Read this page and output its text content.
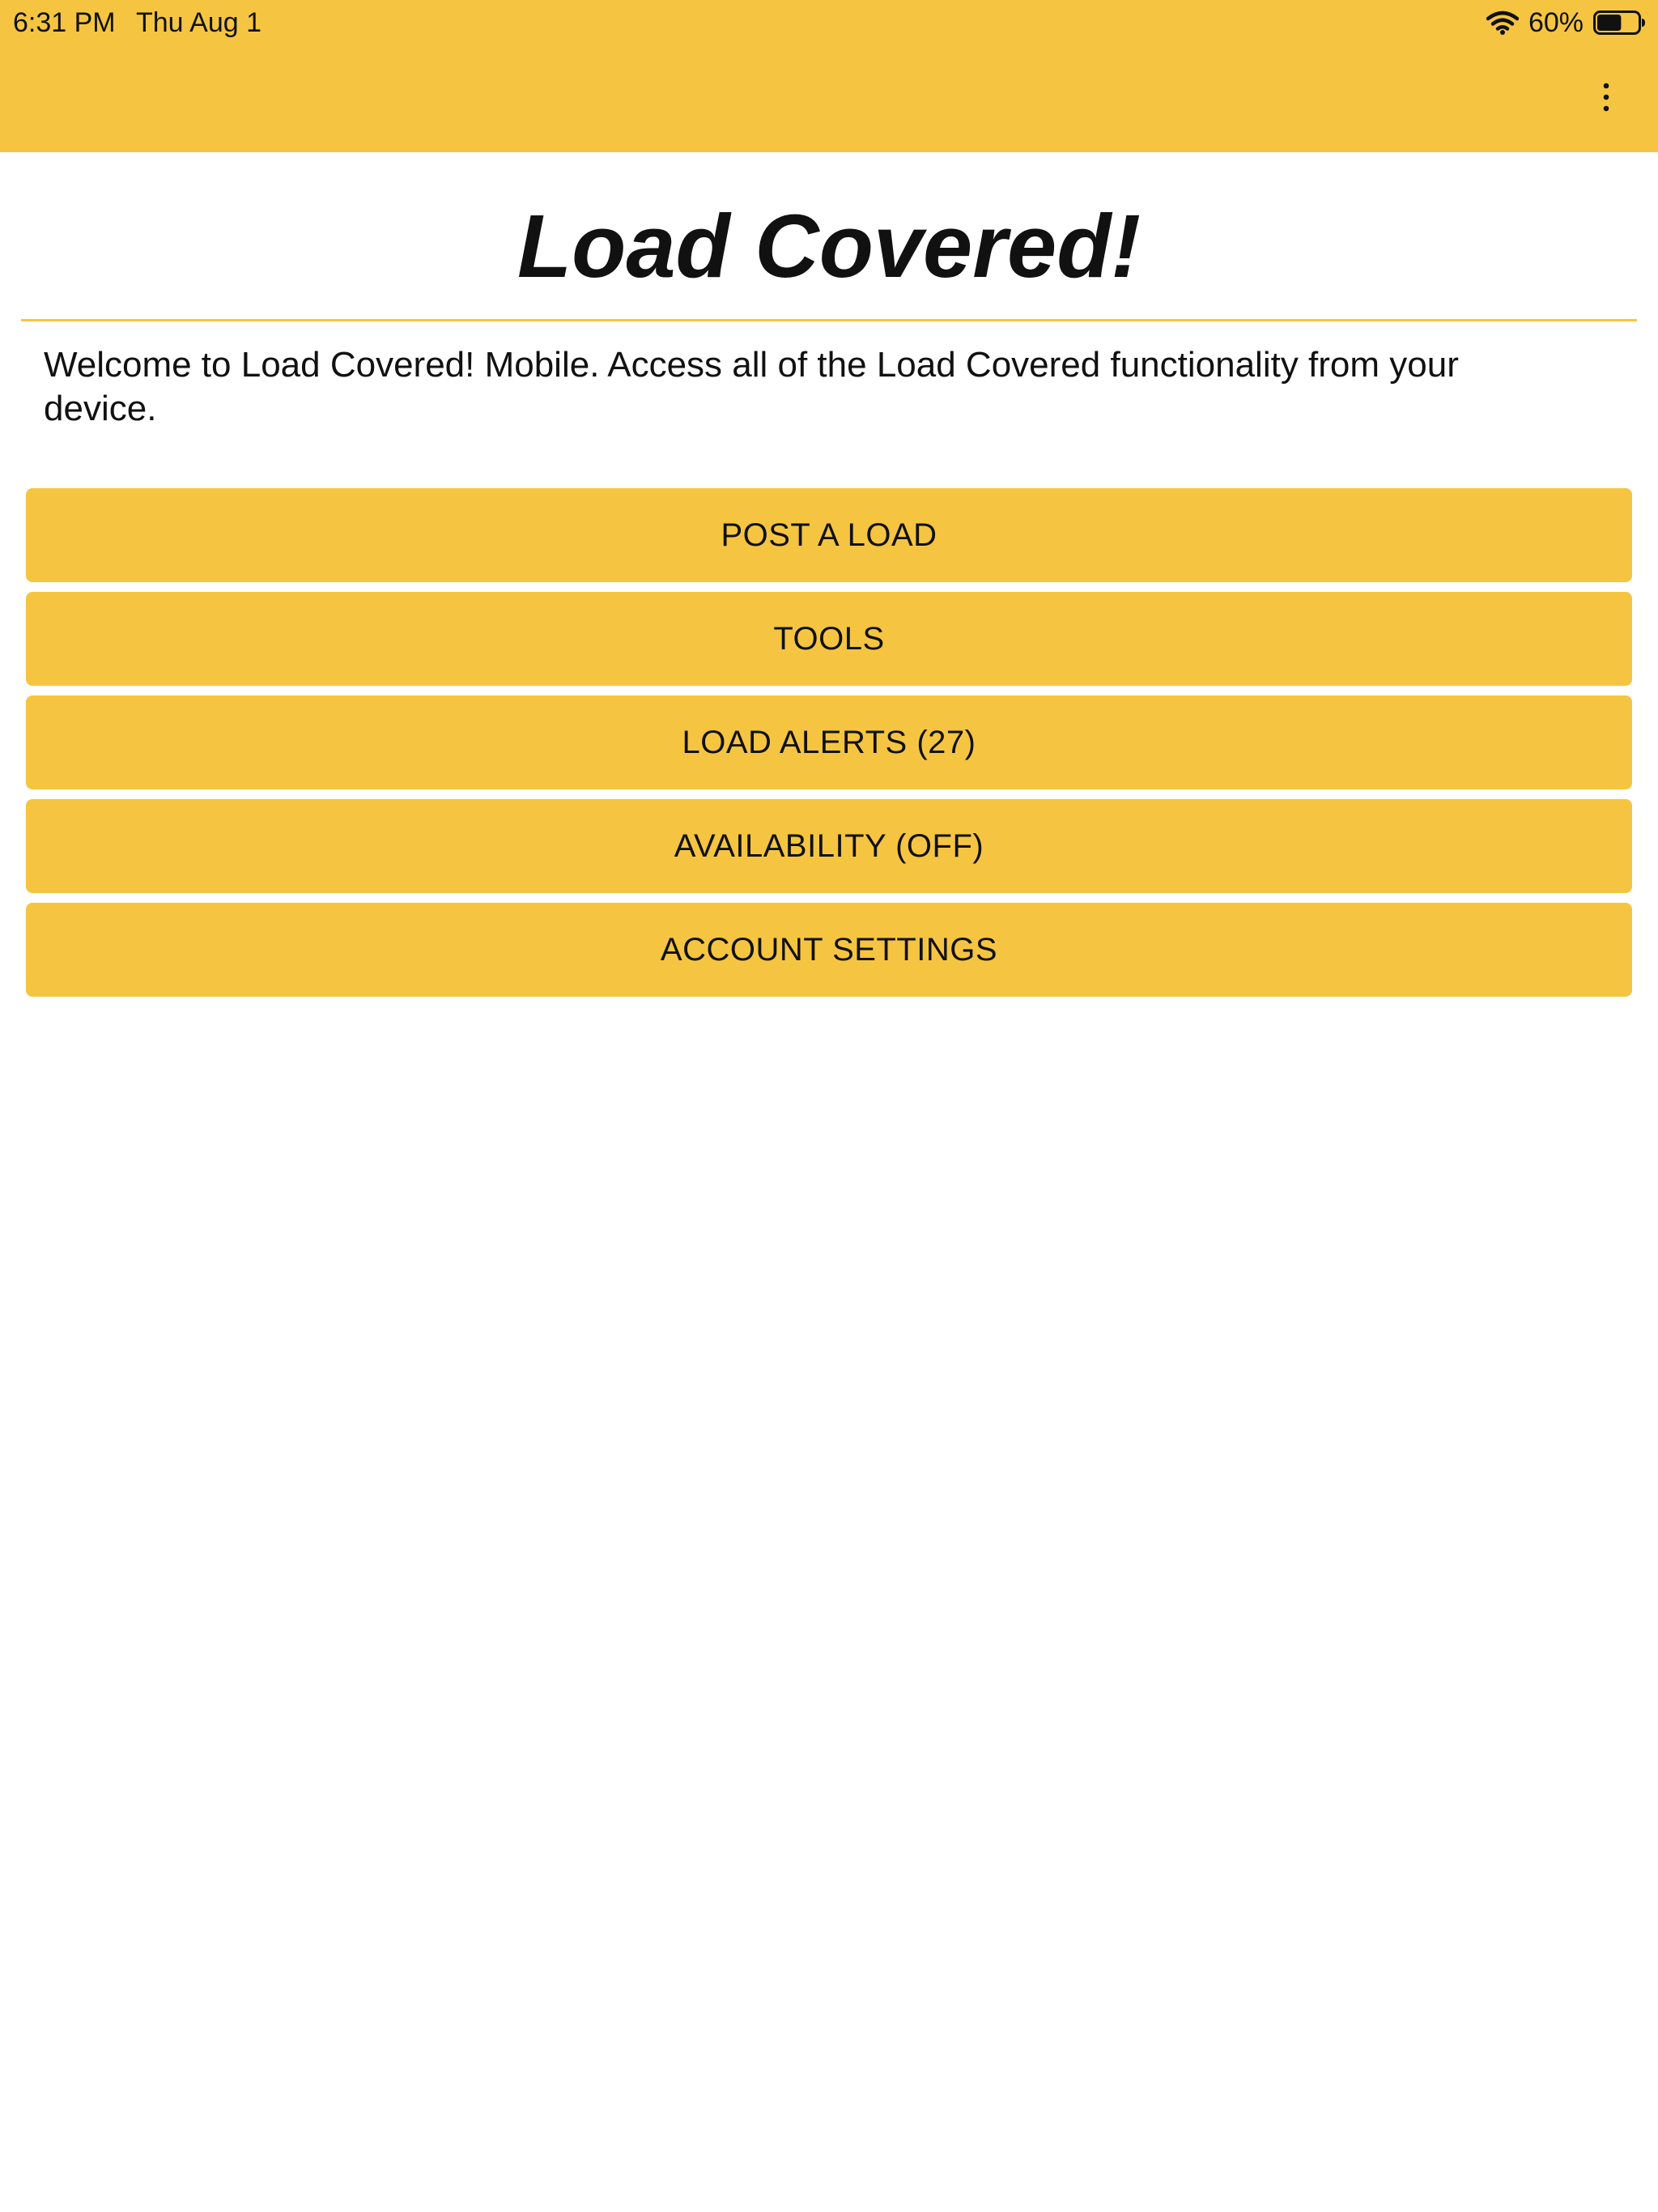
6:31 PM Thu Aug 1	60%
Load Covered!

Welcome to Load Covered! Mobile. Access all of the Load Covered functionality from your device.

POST A LOAD
TOOLS
LOAD ALERTS (27)
AVAILABILITY (OFF)
ACCOUNT SETTINGS
